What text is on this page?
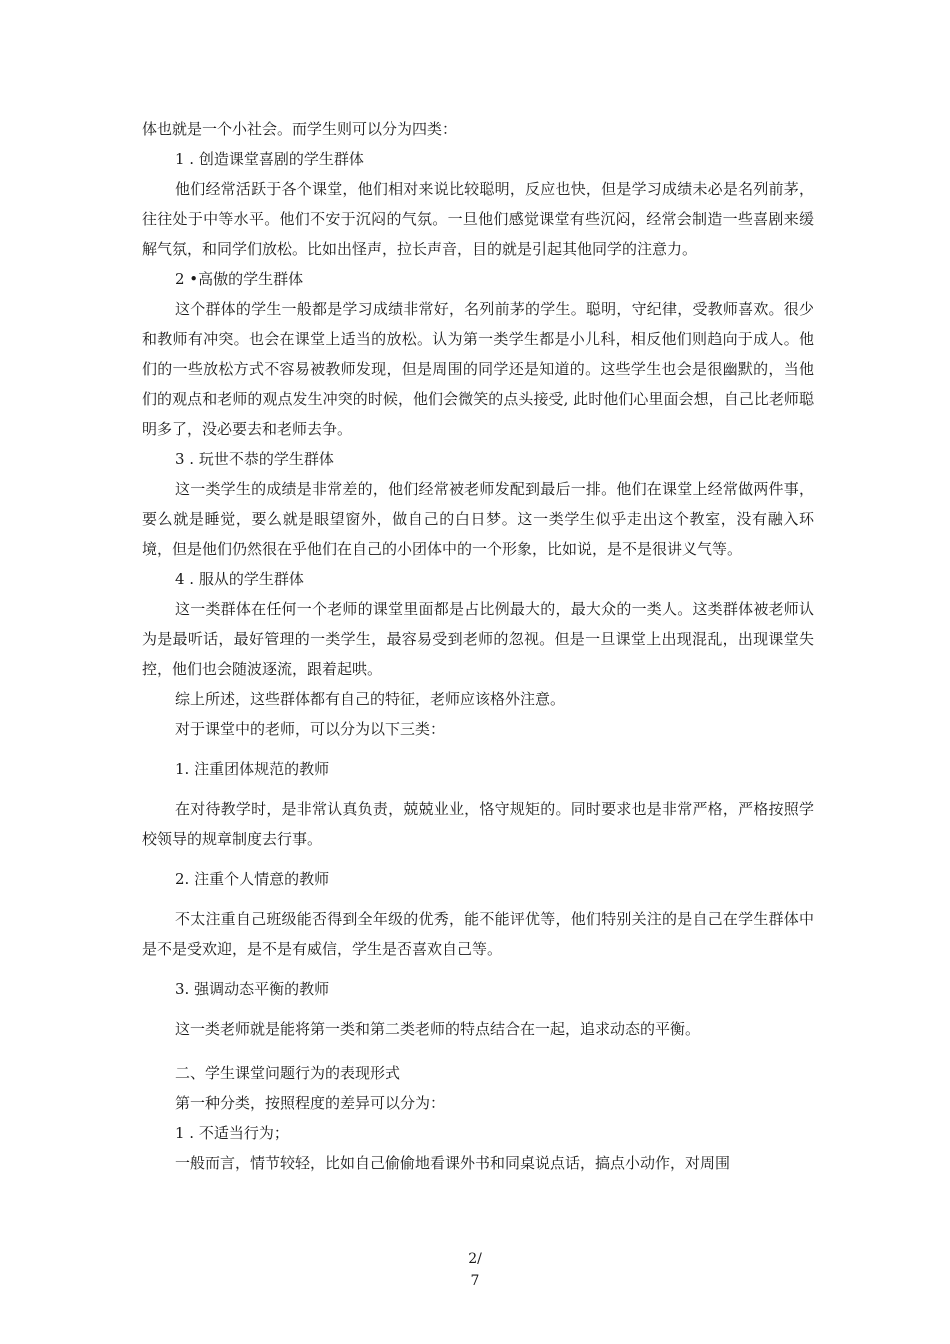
体也就是一个小社会。而学生则可以分为四类：

1 . 创造课堂喜剧的学生群体

他们经常活跃于各个课堂，他们相对来说比较聪明，反应也快，但是学习成绩未必是名列前茅，往往处于中等水平。他们不安于沉闷的气氛。一旦他们感觉课堂有些沉闷，经常会制造一些喜剧来缓解气氛，和同学们放松。比如出怪声，拉长声音，目的就是引起其他同学的注意力。

2 •高傲的学生群体

这个群体的学生一般都是学习成绩非常好，名列前茅的学生。聪明，守纪律，受教师喜欢。很少和教师有冲突。也会在课堂上适当的放松。认为第一类学生都是小儿科，相反他们则趋向于成人。他们的一些放松方式不容易被教师发现，但是周围的同学还是知道的。这些学生也会是很幽默的，当他们的观点和老师的观点发生冲突的时候，他们会微笑的点头接受, 此时他们心里面会想，自己比老师聪明多了，没必要去和老师去争。

3 . 玩世不恭的学生群体

这一类学生的成绩是非常差的，他们经常被老师发配到最后一排。他们在课堂上经常做两件事，要么就是睡觉，要么就是眼望窗外，做自己的白日梦。这一类学生似乎走出这个教室，没有融入环境，但是他们仍然很在乎他们在自己的小团体中的一个形象，比如说，是不是很讲义气等。

4 . 服从的学生群体

这一类群体在任何一个老师的课堂里面都是占比例最大的，最大众的一类人。这类群体被老师认为是最听话，最好管理的一类学生，最容易受到老师的忽视。但是一旦课堂上出现混乱，出现课堂失控，他们也会随波逐流，跟着起哄。

综上所述，这些群体都有自己的特征，老师应该格外注意。

对于课堂中的老师，可以分为以下三类：

1. 注重团体规范的教师

在对待教学时，是非常认真负责，兢兢业业，恪守规矩的。同时要求也是非常严格，严格按照学校领导的规章制度去行事。

2. 注重个人情意的教师

不太注重自己班级能否得到全年级的优秀，能不能评优等，他们特别关注的是自己在学生群体中是不是受欢迎，是不是有威信，学生是否喜欢自己等。

3. 强调动态平衡的教师

这一类老师就是能将第一类和第二类老师的特点结合在一起，追求动态的平衡。

二、学生课堂问题行为的表现形式

第一种分类，按照程度的差异可以分为：

1 . 不适当行为；

一般而言，情节较轻，比如自己偷偷地看课外书和同桌说点话，搞点小动作，对周围

2/
7
